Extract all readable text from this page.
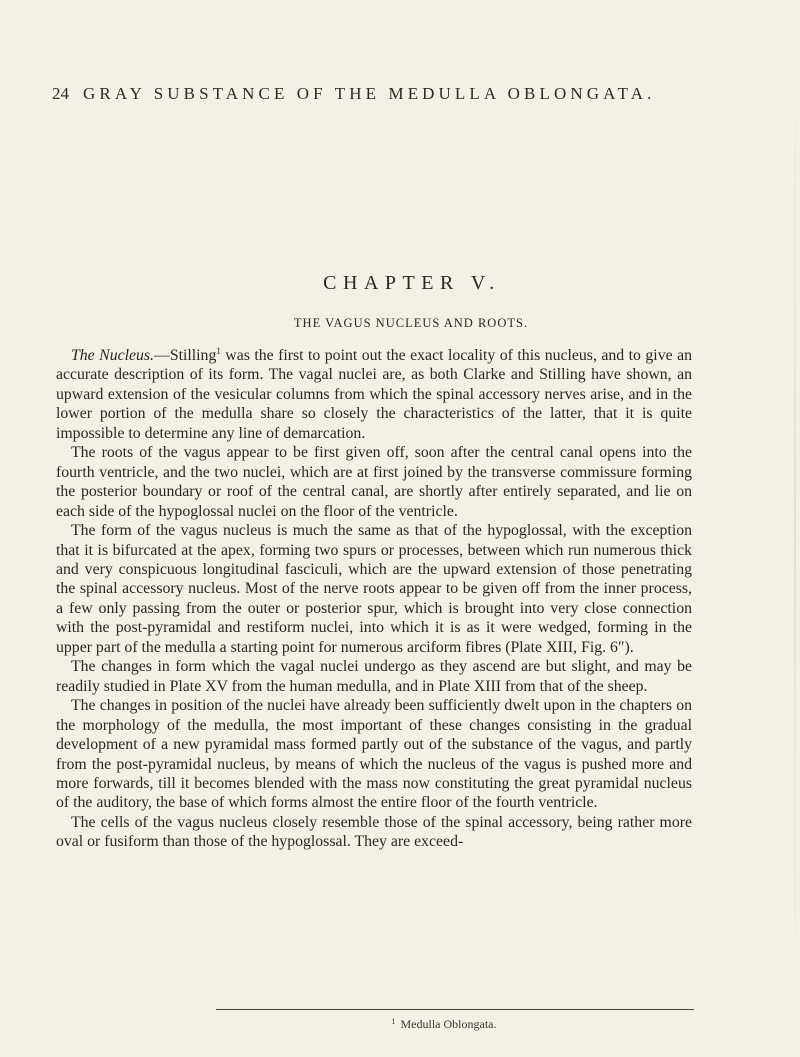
24 GRAY SUBSTANCE OF THE MEDULLA OBLONGATA.
CHAPTER V.
THE VAGUS NUCLEUS AND ROOTS.

The Nucleus.—Stilling$^1$ was the first to point out the exact locality of this nucleus, and to give an accurate description of its form. The vagal nuclei are, as both Clarke and Stilling have shown, an upward extension of the vesicular columns from which the spinal accessory nerves arise, and in the lower portion of the medulla share so closely the characteristics of the latter, that it is quite impossible to determine any line of demarcation.

The roots of the vagus appear to be first given off, soon after the central canal opens into the fourth ventricle, and the two nuclei, which are at first joined by the transverse commissure forming the posterior boundary or roof of the central canal, are shortly after entirely separated, and lie on each side of the hypoglossal nuclei on the floor of the ventricle.

The form of the vagus nucleus is much the same as that of the hypoglossal, with the exception that it is bifurcated at the apex, forming two spurs or processes, between which run numerous thick and very conspicuous longitudinal fasciculi, which are the upward extension of those penetrating the spinal accessory nucleus. Most of the nerve roots appear to be given off from the inner process, a few only passing from the outer or posterior spur, which is brought into very close connection with the post-pyramidal and restiform nuclei, into which it is as it were wedged, forming in the upper part of the medulla a starting point for numerous arciform fibres (Plate XIII, Fig. 6″).

The changes in form which the vagal nuclei undergo as they ascend are but slight, and may be readily studied in Plate XV from the human medulla, and in Plate XIII from that of the sheep.

The changes in position of the nuclei have already been sufficiently dwelt upon in the chapters on the morphology of the medulla, the most important of these changes consisting in the gradual development of a new pyramidal mass formed partly out of the substance of the vagus, and partly from the post-pyramidal nucleus, by means of which the nucleus of the vagus is pushed more and more forwards, till it becomes blended with the mass now constituting the great pyramidal nucleus of the auditory, the base of which forms almost the entire floor of the fourth ventricle.

The cells of the vagus nucleus closely resemble those of the spinal accessory, being rather more oval or fusiform than those of the hypoglossal. They are exceed-

$^1$ Medulla Oblongata.
